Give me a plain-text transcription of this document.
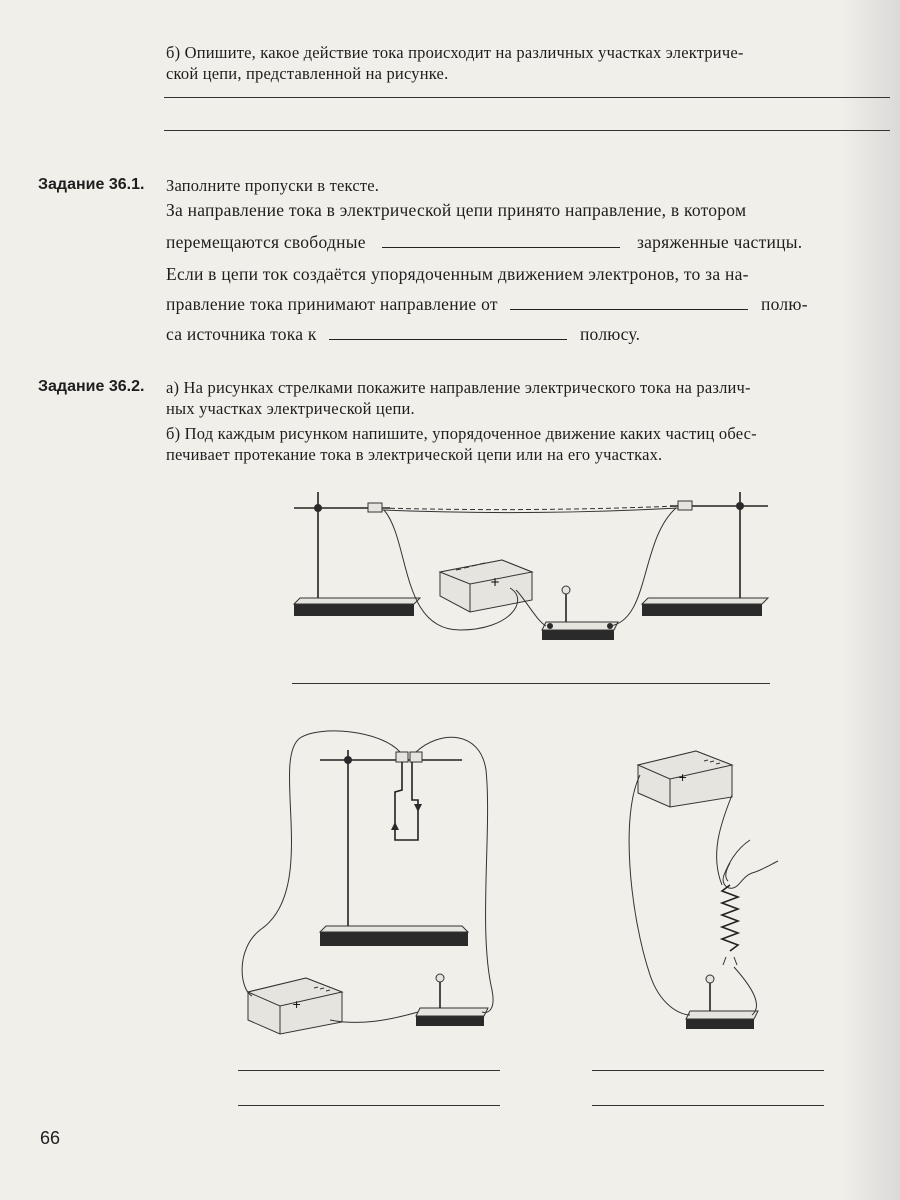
б) Опишите, какое действие тока происходит на различных участках электриче-
ской цепи, представленной на рисунке.
Задание 36.1. Заполните пропуски в тексте.
За направление тока в электрической цепи принято направление, в котором
перемещаются свободные	заряженные частицы.
Если в цепи ток создаётся упорядоченным движением электронов, то за на-
правление тока принимают направление от	полю-
са источника тока к	полюсу.
Задание 36.2. а) На рисунках стрелками покажите направление электрического тока на различ-
ных участках электрической цепи.
б) Под каждым рисунком напишите, упорядоченное движение каких частиц обес-
печивает протекание тока в электрической цепи или на его участках.
+
+
+
66
